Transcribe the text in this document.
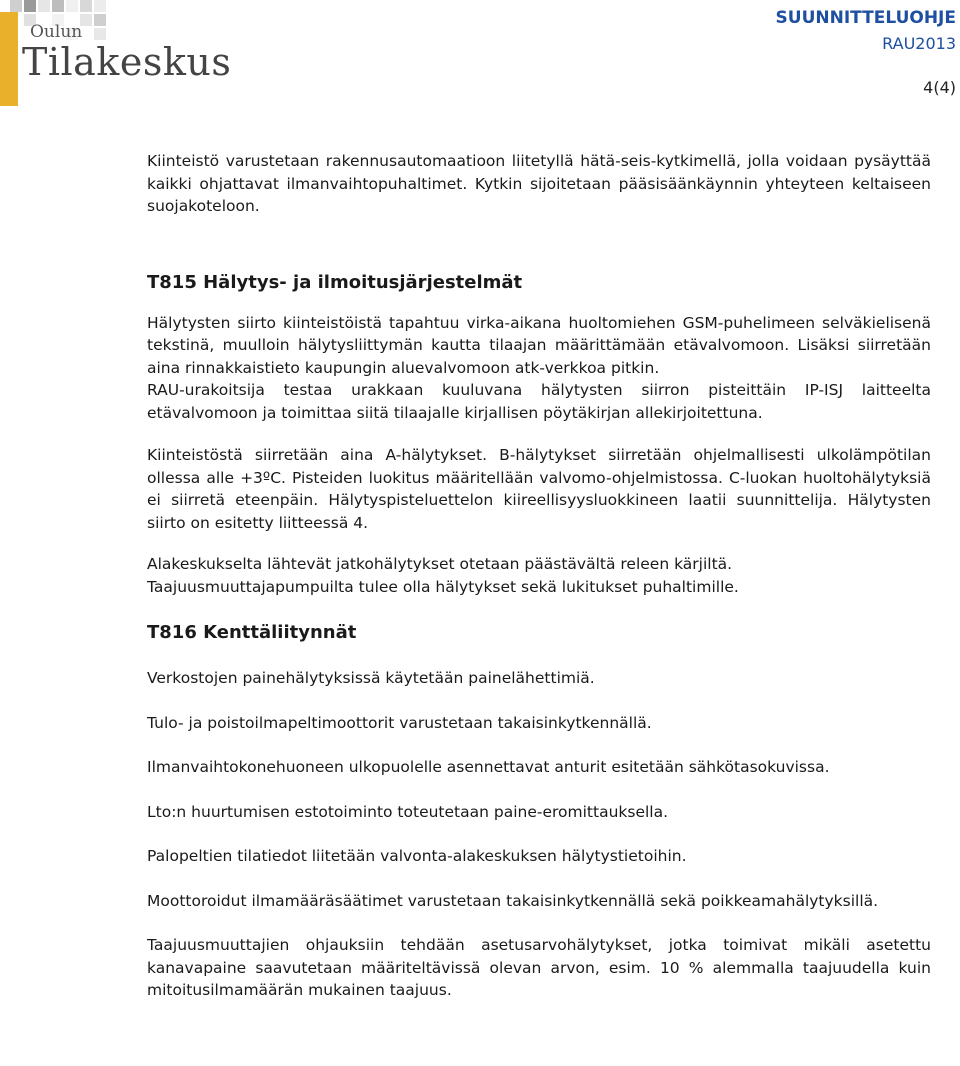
Oulun
Tilakeskus
SUUNNITTELUOHJE
RAU2013
4(4)

Kiinteistö varustetaan rakennusautomaatioon liitetyllä hätä-seis-kytkimellä, jolla voidaan pysäyttää kaikki ohjattavat ilmanvaihtopuhaltimet. Kytkin sijoitetaan pääsisäänkäynnin yhteyteen keltaiseen suojakoteloon.

T815 Hälytys- ja ilmoitusjärjestelmät

Hälytysten siirto kiinteistöistä tapahtuu virka-aikana huoltomiehen GSM-puhelimeen selväkielisenä tekstinä, muulloin hälytysliittymän kautta tilaajan määrittämään etävalvomoon. Lisäksi siirretään aina rinnakkaistieto kaupungin aluevalvomoon atk-verkkoa pitkin.

RAU-urakoitsija testaa urakkaan kuuluvana hälytysten siirron pisteittäin IP-ISJ laitteelta etävalvomoon ja toimittaa siitä tilaajalle kirjallisen pöytäkirjan allekirjoitettuna.

Kiinteistöstä siirretään aina A-hälytykset. B-hälytykset siirretään ohjelmallisesti ulkolämpötilan ollessa alle +3ºC. Pisteiden luokitus määritellään valvomo-ohjelmistossa. C-luokan huoltohälytyksiä ei siirretä eteenpäin. Hälytyspisteluettelon kiireellisyysluokkineen laatii suunnittelija. Hälytysten siirto on esitetty liitteessä 4.

Alakeskukselta lähtevät jatkohälytykset otetaan päästävältä releen kärjiltä.

Taajuusmuuttajapumpuilta tulee olla hälytykset sekä lukitukset puhaltimille.

T816 Kenttäliitynnät

Verkostojen painehälytyksissä käytetään painelähettimiä.

Tulo- ja poistoilmapeltimoottorit varustetaan takaisinkytkennällä.

Ilmanvaihtokonehuoneen ulkopuolelle asennettavat anturit esitetään sähkötasokuvissa.

Lto:n huurtumisen estotoiminto toteutetaan paine-eromittauksella.

Palopeltien tilatiedot liitetään valvonta-alakeskuksen hälytystietoihin.

Moottoroidut ilmamääräsäätimet varustetaan takaisinkytkennällä sekä poikkeamahälytyksillä.

Taajuusmuuttajien ohjauksiin tehdään asetusarvohälytykset, jotka toimivat mikäli asetettu kanavapaine saavutetaan määriteltävissä olevan arvon, esim. 10 % alemmalla taajuudella kuin mitoitusilmamäärän mukainen taajuus.
